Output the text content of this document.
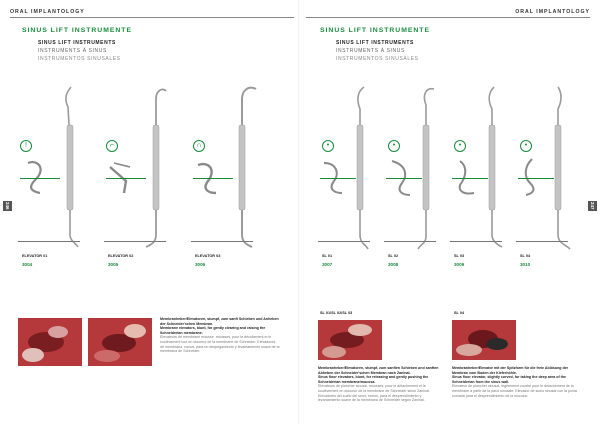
ORAL IMPLANTOLOGY
SINUS LIFT INSTRUMENTE
SINUS LIFT INSTRUMENTS
INSTRUMENTS À SINUS
INSTRUMENTOS SINUSALES
246
!	⌐	∩
ELEVATOR 01
3004
ELEVATOR 02
3005
ELEVATOR 03
3006
Membranheber/Elevatoren, stumpf, zum sanft Schieben und Anheben der Schneider'schen Membran.
Membrane elevators, blunt, for gently clearing and raising the Schneiderian membrane.
Elevateurs de membrane mousse, mousses, pour le décollement et le soulèvement tout en douceur de la membrane de Schneider. Elevadores de membrana, romos, para un despegamiento y levantamiento suave de la membrana de Schneider.
ORAL IMPLANTOLOGY
SINUS LIFT INSTRUMENTE
SINUS LIFT INSTRUMENTS
INSTRUMENTS À SINUS
INSTRUMENTOS SINUSALES
247
•	•	•	•
SL 01
3007
SL 02
3008
SL 03
3009
SL 04
3010
SL 01/SL 02/SL 03	SL 04
Membranheber/Elevatoren, stumpf, zum sanften Schieben und sanften Abheben der Schneider'schen Membran nach Zaninal.
Sinus floor elevators, blunt, for releasing and gently pushing the Schneiderian membrane/mucosa.
Elevateurs de plancher sinusal, mousses, pour le détachement et le soulèvement en douceur de la membrane de Schneider selon Zaninal. Elevadores del suelo del seno, romos, para el desprendimiento y levantamiento suave de la membrana de Schneider según Zaninal.
Membranheber/Elevator mit der Spitzform für die freie Ablösung der Membran vom Boden der Kieferhöhle.
Sinus floor elevator, slightly curved, for taking the deep area of the Schneiderian from the sinus wall.
Elevateur de plancher sinusal, légèrement courbé pour le détachement de la membrane à partir de la paroi sinusale. Elevador de suelo sinusal con la punta curvada para el desprendimiento de la mucosa.
